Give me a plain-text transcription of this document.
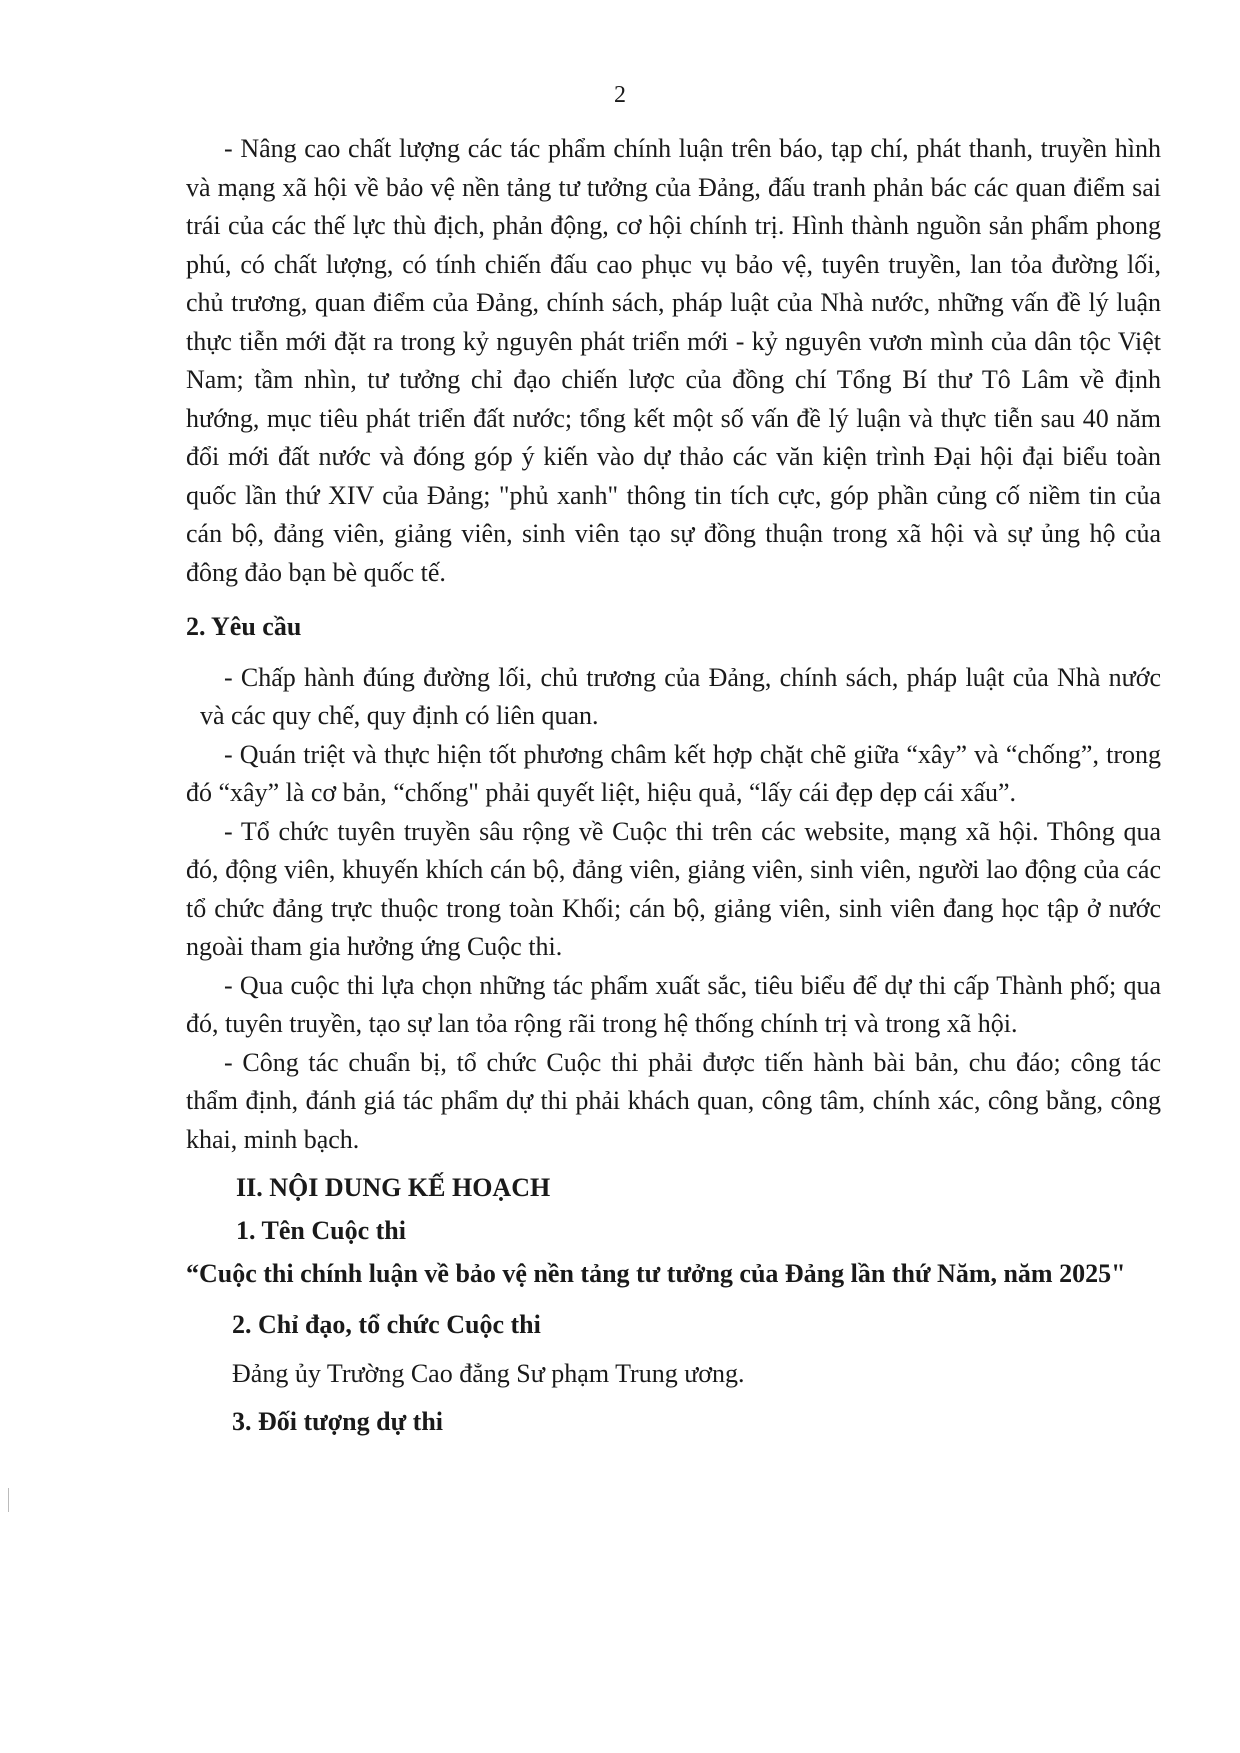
2

- Nâng cao chất lượng các tác phẩm chính luận trên báo, tạp chí, phát thanh, truyền hình và mạng xã hội về bảo vệ nền tảng tư tưởng của Đảng, đấu tranh phản bác các quan điểm sai trái của các thế lực thù địch, phản động, cơ hội chính trị. Hình thành nguồn sản phẩm phong phú, có chất lượng, có tính chiến đấu cao phục vụ bảo vệ, tuyên truyền, lan tỏa đường lối, chủ trương, quan điểm của Đảng, chính sách, pháp luật của Nhà nước, những vấn đề lý luận thực tiễn mới đặt ra trong kỷ nguyên phát triển mới - kỷ nguyên vươn mình của dân tộc Việt Nam; tầm nhìn, tư tưởng chỉ đạo chiến lược của đồng chí Tổng Bí thư Tô Lâm về định hướng, mục tiêu phát triển đất nước; tổng kết một số vấn đề lý luận và thực tiễn sau 40 năm đổi mới đất nước và đóng góp ý kiến vào dự thảo các văn kiện trình Đại hội đại biểu toàn quốc lần thứ XIV của Đảng; "phủ xanh" thông tin tích cực, góp phần củng cố niềm tin của cán bộ, đảng viên, giảng viên, sinh viên tạo sự đồng thuận trong xã hội và sự ủng hộ của đông đảo bạn bè quốc tế.

2. Yêu cầu

- Chấp hành đúng đường lối, chủ trương của Đảng, chính sách, pháp luật của Nhà nước và các quy chế, quy định có liên quan.

- Quán triệt và thực hiện tốt phương châm kết hợp chặt chẽ giữa “xây” và “chống”, trong đó “xây” là cơ bản, “chống" phải quyết liệt, hiệu quả, “lấy cái đẹp dẹp cái xấu”.

- Tổ chức tuyên truyền sâu rộng về Cuộc thi trên các website, mạng xã hội. Thông qua đó, động viên, khuyến khích cán bộ, đảng viên, giảng viên, sinh viên, người lao động của các tổ chức đảng trực thuộc trong toàn Khối; cán bộ, giảng viên, sinh viên đang học tập ở nước ngoài tham gia hưởng ứng Cuộc thi.

- Qua cuộc thi lựa chọn những tác phẩm xuất sắc, tiêu biểu để dự thi cấp Thành phố; qua đó, tuyên truyền, tạo sự lan tỏa rộng rãi trong hệ thống chính trị và trong xã hội.

- Công tác chuẩn bị, tổ chức Cuộc thi phải được tiến hành bài bản, chu đáo; công tác thẩm định, đánh giá tác phẩm dự thi phải khách quan, công tâm, chính xác, công bằng, công khai, minh bạch.

II. NỘI DUNG KẾ HOẠCH

1. Tên Cuộc thi

“Cuộc thi chính luận về bảo vệ nền tảng tư tưởng của Đảng lần thứ Năm, năm 2025"

2. Chỉ đạo, tổ chức Cuộc thi

Đảng ủy Trường Cao đẳng Sư phạm Trung ương.

3. Đối tượng dự thi
